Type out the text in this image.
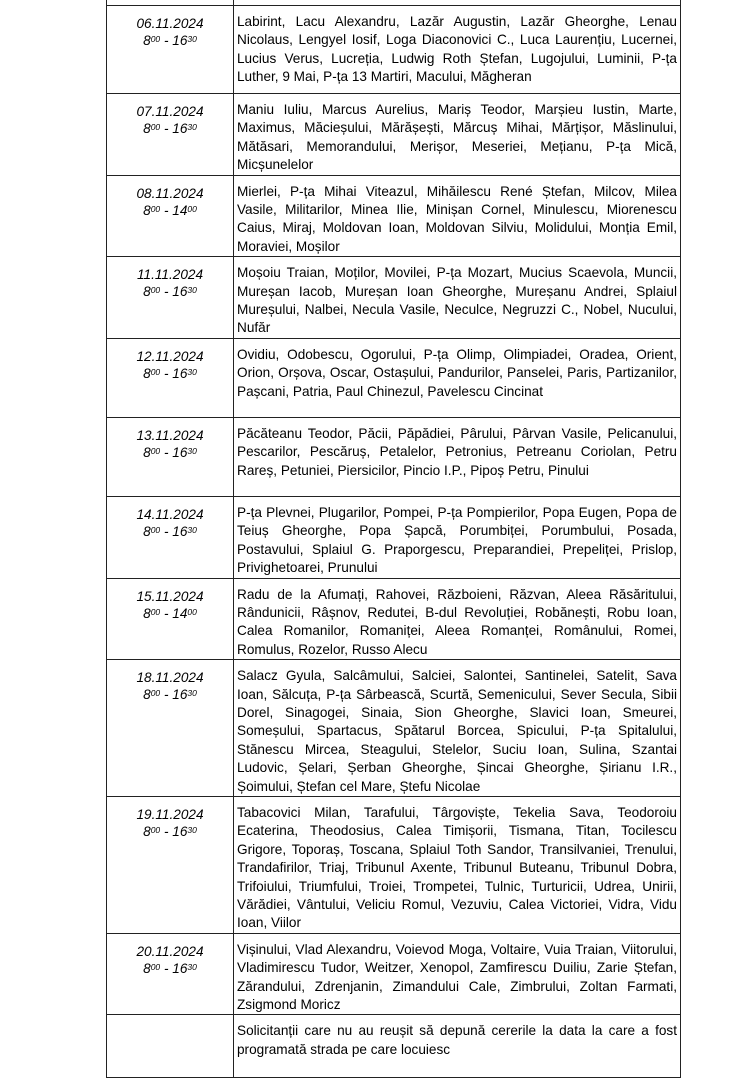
06.11.2024
$8^{00} - 16^{30}$	Labirint, Lacu Alexandru, Lazăr Augustin, Lazăr Gheorghe, Lenau Nicolaus, Lengyel Iosif, Loga Diaconovici C., Luca Laurențiu, Lucernei, Lucius Verus, Lucreția, Ludwig Roth Ștefan, Lugojului, Luminii, P-ța Luther, 9 Mai, P-ța 13 Martiri, Macului, Măgheran

07.11.2024
$8^{00} - 16^{30}$	Maniu Iuliu, Marcus Aurelius, Mariș Teodor, Marșieu Iustin, Marte, Maximus, Măcieșului, Mărășești, Mărcuș Mihai, Mărțișor, Măslinului, Mătăsari, Memorandului, Merișor, Meseriei, Mețianu, P-ța Mică, Micșunelelor

08.11.2024
$8^{00} - 14^{00}$	Mierlei, P-ța Mihai Viteazul, Mihăilescu René Ștefan, Milcov, Milea Vasile, Militarilor, Minea Ilie, Minișan Cornel, Minulescu, Miorenescu Caius, Miraj, Moldovan Ioan, Moldovan Silviu, Molidului, Monția Emil, Moraviei, Moșilor

11.11.2024
$8^{00} - 16^{30}$	Moșoiu Traian, Moților, Movilei, P-ța Mozart, Mucius Scaevola, Muncii, Mureșan Iacob, Mureșan Ioan Gheorghe, Mureșanu Andrei, Splaiul Mureșului, Nalbei, Necula Vasile, Neculce, Negruzzi C., Nobel, Nucului, Nufăr

12.11.2024
$8^{00} - 16^{30}$	Ovidiu, Odobescu, Ogorului, P-ța Olimp, Olimpiadei, Oradea, Orient, Orion, Orșova, Oscar, Ostașului, Pandurilor, Panselei, Paris, Partizanilor, Pașcani, Patria, Paul Chinezul, Pavelescu Cincinat

13.11.2024
$8^{00} - 16^{30}$	Păcăteanu Teodor, Păcii, Păpădiei, Pârului, Pârvan Vasile, Pelicanului, Pescarilor, Pescăruș, Petalelor, Petronius, Petreanu Coriolan, Petru Rareș, Petuniei, Piersicilor, Pincio I.P., Pipoș Petru, Pinului

14.11.2024
$8^{00} - 16^{30}$	P-ța Plevnei, Plugarilor, Pompei, P-ța Pompierilor, Popa Eugen, Popa de Teiuș Gheorghe, Popa Șapcă, Porumbiței, Porumbului, Posada, Postavului, Splaiul G. Praporgescu, Preparandiei, Prepeliței, Prislop, Privighetoarei, Prunului

15.11.2024
$8^{00} - 14^{00}$	Radu de la Afumați, Rahovei, Războieni, Răzvan, Aleea Răsăritului, Rândunicii, Râșnov, Redutei, B-dul Revoluției, Robănești, Robu Ioan, Calea Romanilor, Romaniței, Aleea Romanței, Românului, Romei, Romulus, Rozelor, Russo Alecu

18.11.2024
$8^{00} - 16^{30}$	Salacz Gyula, Salcâmului, Salciei, Salontei, Santinelei, Satelit, Sava Ioan, Sălcuța, P-ța Sârbească, Scurtă, Semenicului, Sever Secula, Sibii Dorel, Sinagogei, Sinaia, Sion Gheorghe, Slavici Ioan, Smeurei, Someșului, Spartacus, Spătarul Borcea, Spicului, P-ța Spitalului, Stănescu Mircea, Steagului, Stelelor, Suciu Ioan, Sulina, Szantai Ludovic, Șelari, Șerban Gheorghe, Șincai Gheorghe, Șirianu I.R., Șoimului, Ștefan cel Mare, Ștefu Nicolae

19.11.2024
$8^{00} - 16^{30}$	Tabacovici Milan, Tarafului, Târgoviște, Tekelia Sava, Teodoroiu Ecaterina, Theodosius, Calea Timișorii, Tismana, Titan, Tocilescu Grigore, Toporaș, Toscana, Splaiul Toth Sandor, Transilvaniei, Trenului, Trandafirilor, Triaj, Tribunul Axente, Tribunul Buteanu, Tribunul Dobra, Trifoiului, Triumfului, Troiei, Trompetei, Tulnic, Turturicii, Udrea, Unirii, Vărădiei, Vântului, Veliciu Romul, Vezuviu, Calea Victoriei, Vidra, Vidu Ioan, Viilor

20.11.2024
$8^{00} - 16^{30}$	Vișinului, Vlad Alexandru, Voievod Moga, Voltaire, Vuia Traian, Viitorului, Vladimirescu Tudor, Weitzer, Xenopol, Zamfirescu Duiliu, Zarie Ștefan, Zărandului, Zdrenjanin, Zimandului Cale, Zimbrului, Zoltan Farmati, Zsigmond Moricz

	Solicitanții care nu au reușit să depună cererile la data la care a fost programată strada pe care locuiesc
